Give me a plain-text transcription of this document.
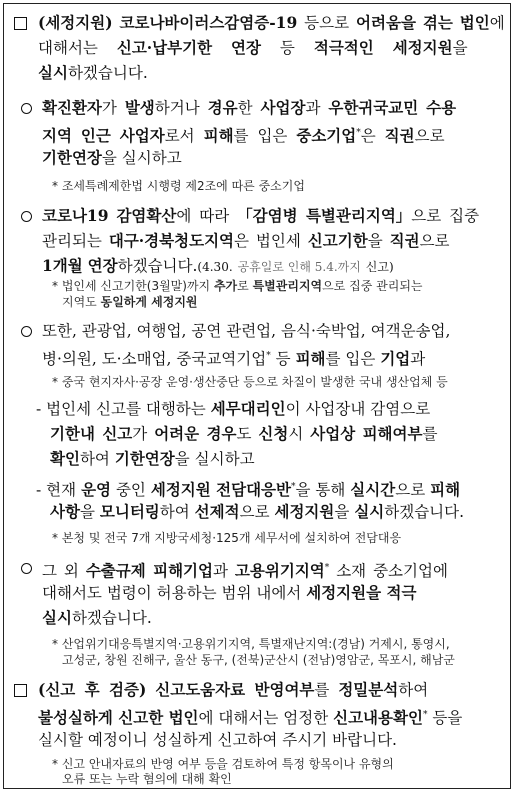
(세정지원) 코로나바이러스감염증-19 등으로 어려움을 겪는 법인에
대해서는 신고·납부기한 연장 등 적극적인 세정지원을
실시하겠습니다.
확진환자가 발생하거나 경유한 사업장과 우한귀국교민 수용
지역 인근 사업자로서 피해를 입은 중소기업*은 직권으로
기한연장을 실시하고
* 조세특례제한법 시행령 제2조에 따른 중소기업
코로나19 감염확산에 따라 「감염병 특별관리지역」으로 집중
관리되는 대구·경북청도지역은 법인세 신고기한을 직권으로
1개월 연장하겠습니다.(4.30. 공휴일로 인해 5.4.까지 신고)
* 법인세 신고기한(3월말)까지 추가로 특별관리지역으로 집중 관리되는
지역도 동일하게 세정지원
또한, 관광업, 여행업, 공연 관련업, 음식·숙박업, 여객운송업,
병·의원, 도·소매업, 중국교역기업* 등 피해를 입은 기업과
* 중국 현지자사·공장 운영·생산중단 등으로 차질이 발생한 국내 생산업체 등
- 법인세 신고를 대행하는 세무대리인이 사업장내 감염으로
기한내 신고가 어려운 경우도 신청시 사업상 피해여부를
확인하여 기한연장을 실시하고
- 현재 운영 중인 세정지원 전담대응반*을 통해 실시간으로 피해
사항을 모니터링하여 선제적으로 세정지원을 실시하겠습니다.
* 본청 및 전국 7개 지방국세청·125개 세무서에 설치하여 전담대응
그 외 수출규제 피해기업과 고용위기지역* 소재 중소기업에
대해서도 법령이 허용하는 범위 내에서 세정지원을 적극
실시하겠습니다.
* 산업위기대응특별지역·고용위기지역, 특별재난지역:(경남) 거제시, 통영시,
고성군, 창원 진해구, 울산 동구, (전북)군산시 (전남)영암군, 목포시, 해남군
(신고 후 검증) 신고도움자료 반영여부를 정밀분석하여
불성실하게 신고한 법인에 대해서는 엄정한 신고내용확인* 등을
실시할 예정이니 성실하게 신고하여 주시기 바랍니다.
* 신고 안내자료의 반영 여부 등을 검토하여 특정 항목이나 유형의
오류 또는 누락 혐의에 대해 확인
